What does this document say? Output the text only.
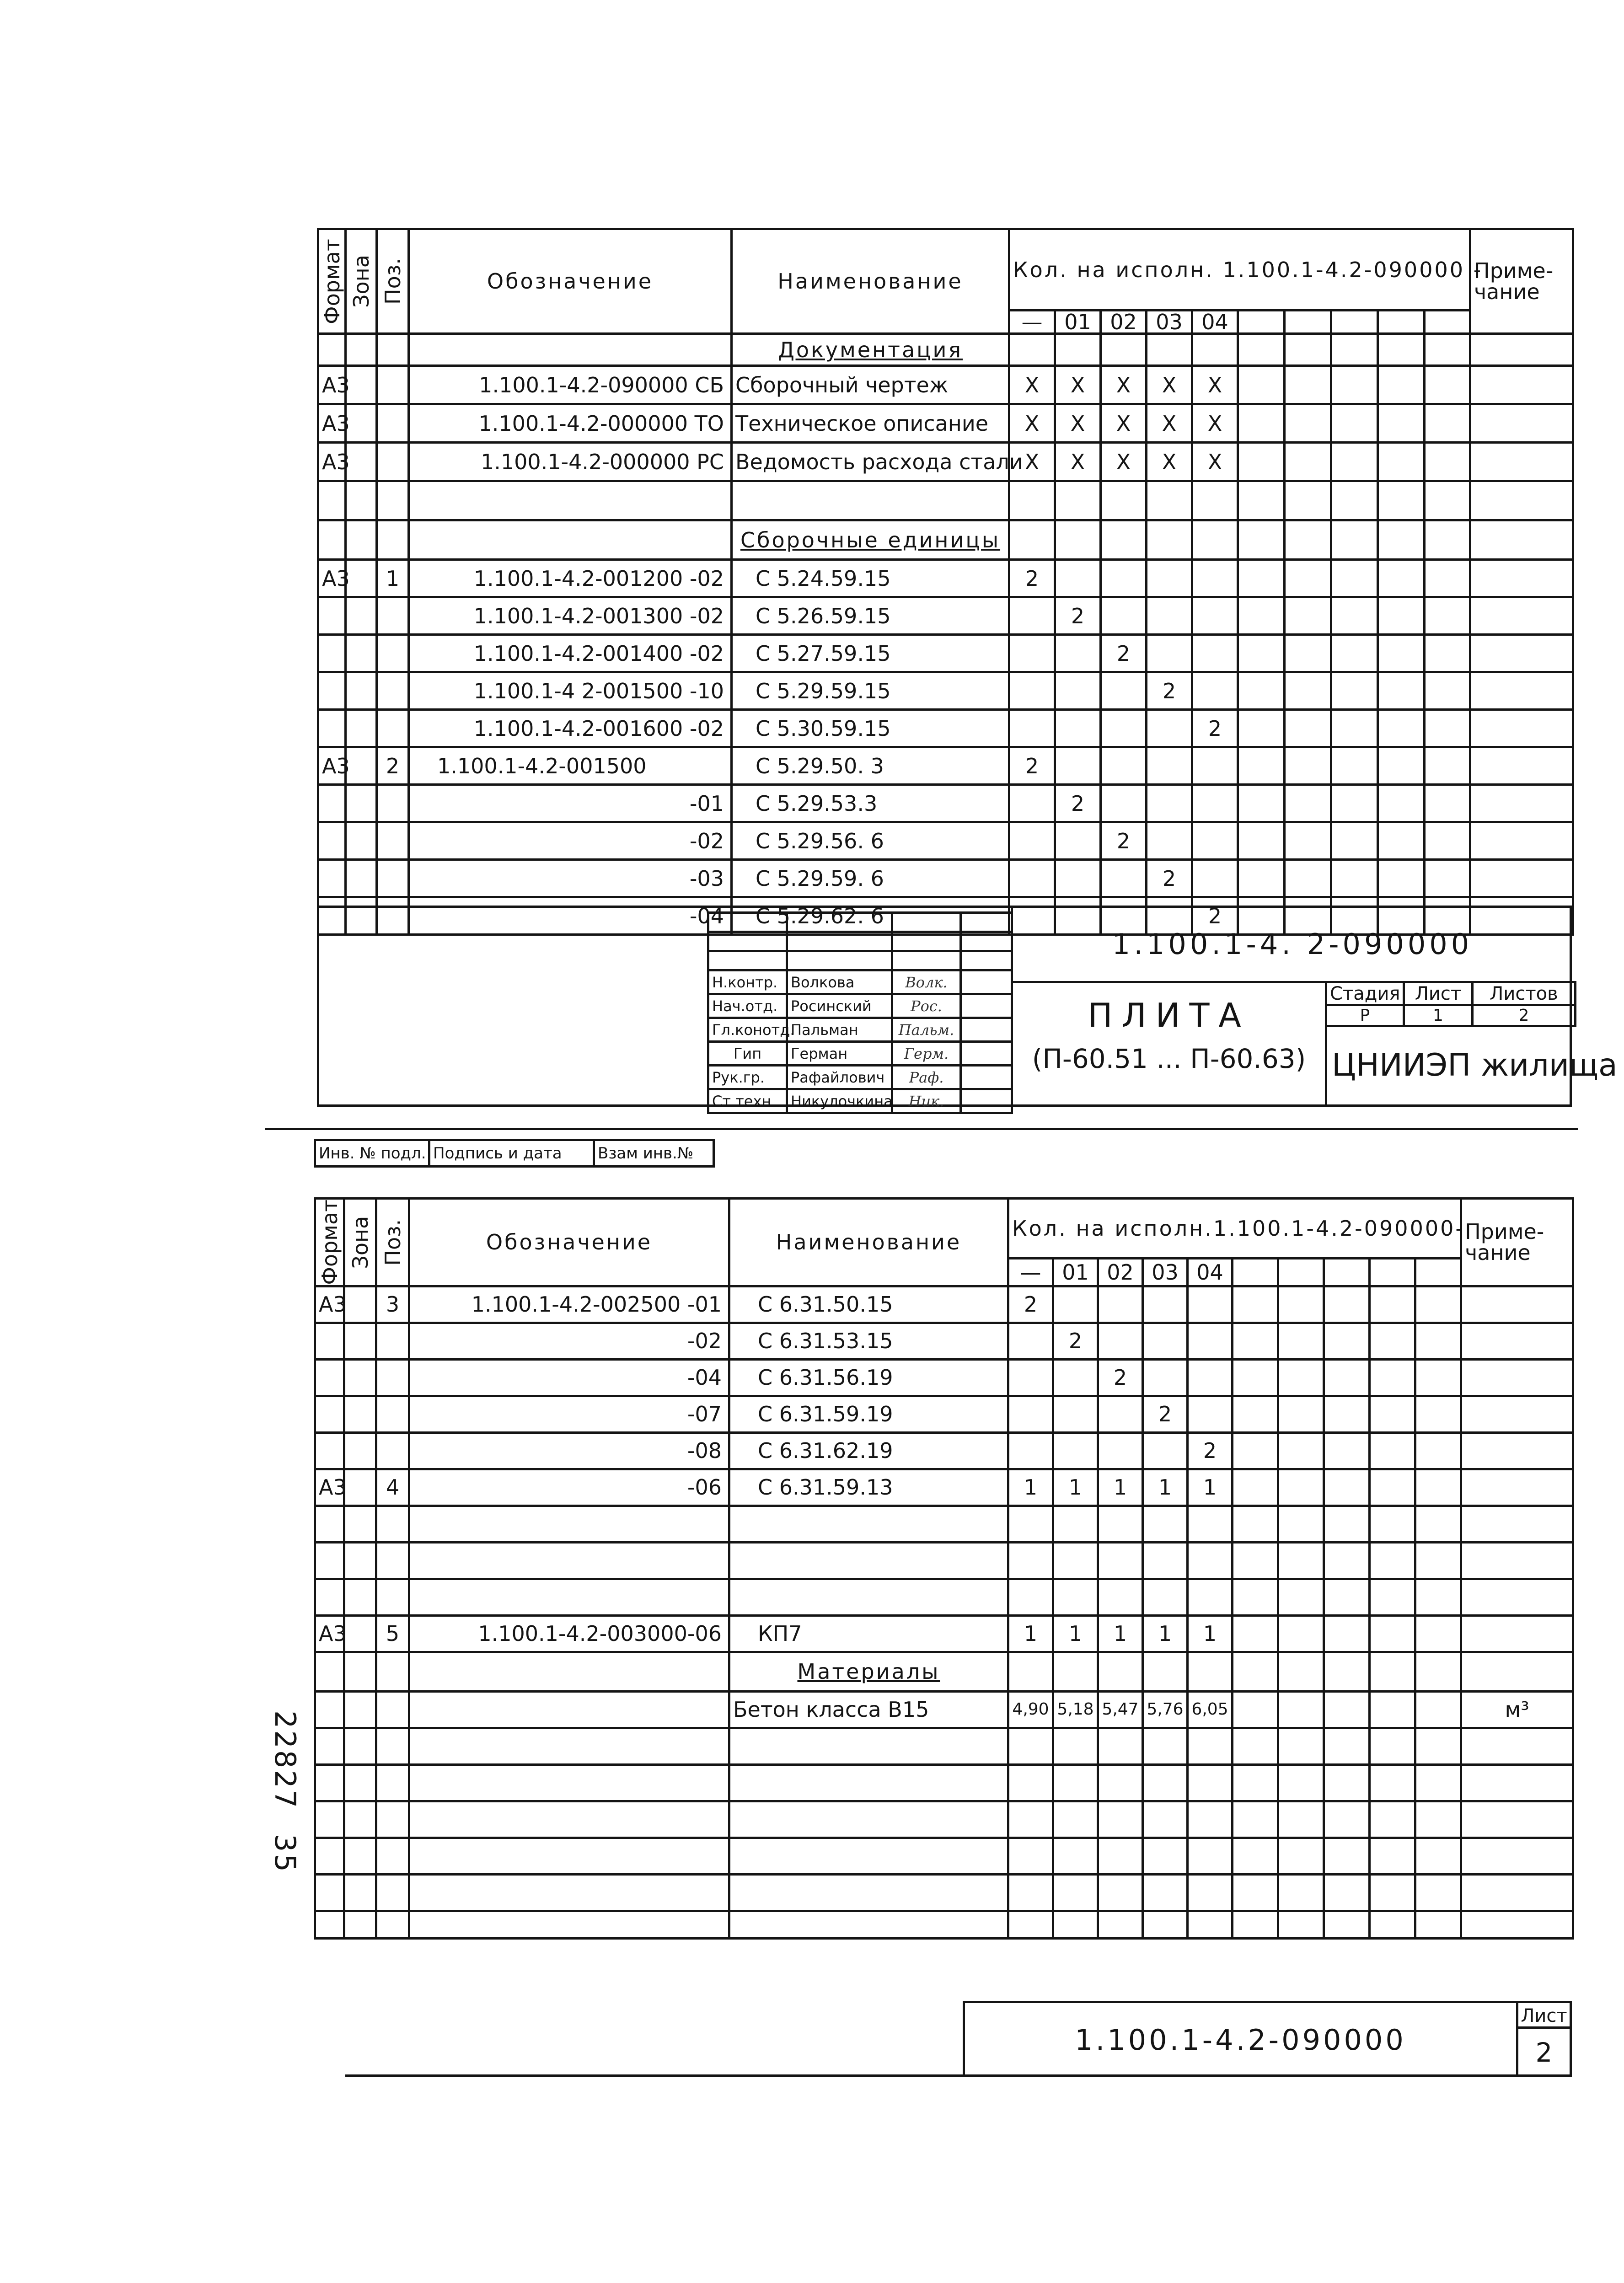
Формат	Зона	Поз.	Обозначение	Наименование	Кол. на исполн. 1.100.1-4.2-090000 -										Приме-чание
					—	01	02	03	04						
				Документация											
А3			1.100.1-4.2-090000 СБ	Сборочный чертеж	X	X	X	X	X						
А3			1.100.1-4.2-000000 ТО	Техническое описание	X	X	X	X	X						
А3			1.100.1-4.2-000000 РС	Ведомость расхода стали	X	X	X	X	X						

				Сборочные единицы											
А3		1	1.100.1-4.2-001200 -02	С 5.24.59.15	2										
			1.100.1-4.2-001300 -02	С 5.26.59.15		2									
			1.100.1-4.2-001400 -02	С 5.27.59.15			2								
			1.100.1-4 2-001500 -10	С 5.29.59.15				2							
			1.100.1-4.2-001600 -02	С 5.30.59.15					2						
А3		2	1.100.1-4.2-001500	С 5.29.50. 3	2										
			-01	С 5.29.53.3		2									
			-02	С 5.29.56. 6			2								
			-03	С 5.29.59. 6				2							
			-04	С 5.29.62. 6					2						

Н.контр.	Волкова	Волк.	
Нач.отд.	Росинский	Рос.	
Гл.конотд.	Пальман	Пальм.	
Гип	Герман	Герм.	
Рук.гр.	Рафайлович	Раф.	
Ст.техн.	Никулочкина	Ник.	
1.100.1-4. 2-090000
ПЛИТА
(П-60.51 ... П-60.63)
Стадия	Лист	Листов
Р	1	2
ЦНИИЭП жилища
Инв. № подл.	Подпись и дата	Взам инв.№
Формат	Зона	Поз.	Обозначение	Наименование	Кол. на исполн.1.100.1-4.2-090000-										Приме-чание
					—	01	02	03	04						
А3		3	1.100.1-4.2-002500 -01	С 6.31.50.15	2										
			-02	С 6.31.53.15		2									
			-04	С 6.31.56.19			2								
			-07	С 6.31.59.19				2							
			-08	С 6.31.62.19					2						
А3		4	-06	С 6.31.59.13	1	1	1	1	1						

А3		5	1.100.1-4.2-003000-06	КП7	1	1	1	1	1						
				Материалы											
				Бетон класса В15	4,90	5,18	5,47	5,76	6,05						м³

1.100.1-4.2-090000
Лист
2
22827
35
